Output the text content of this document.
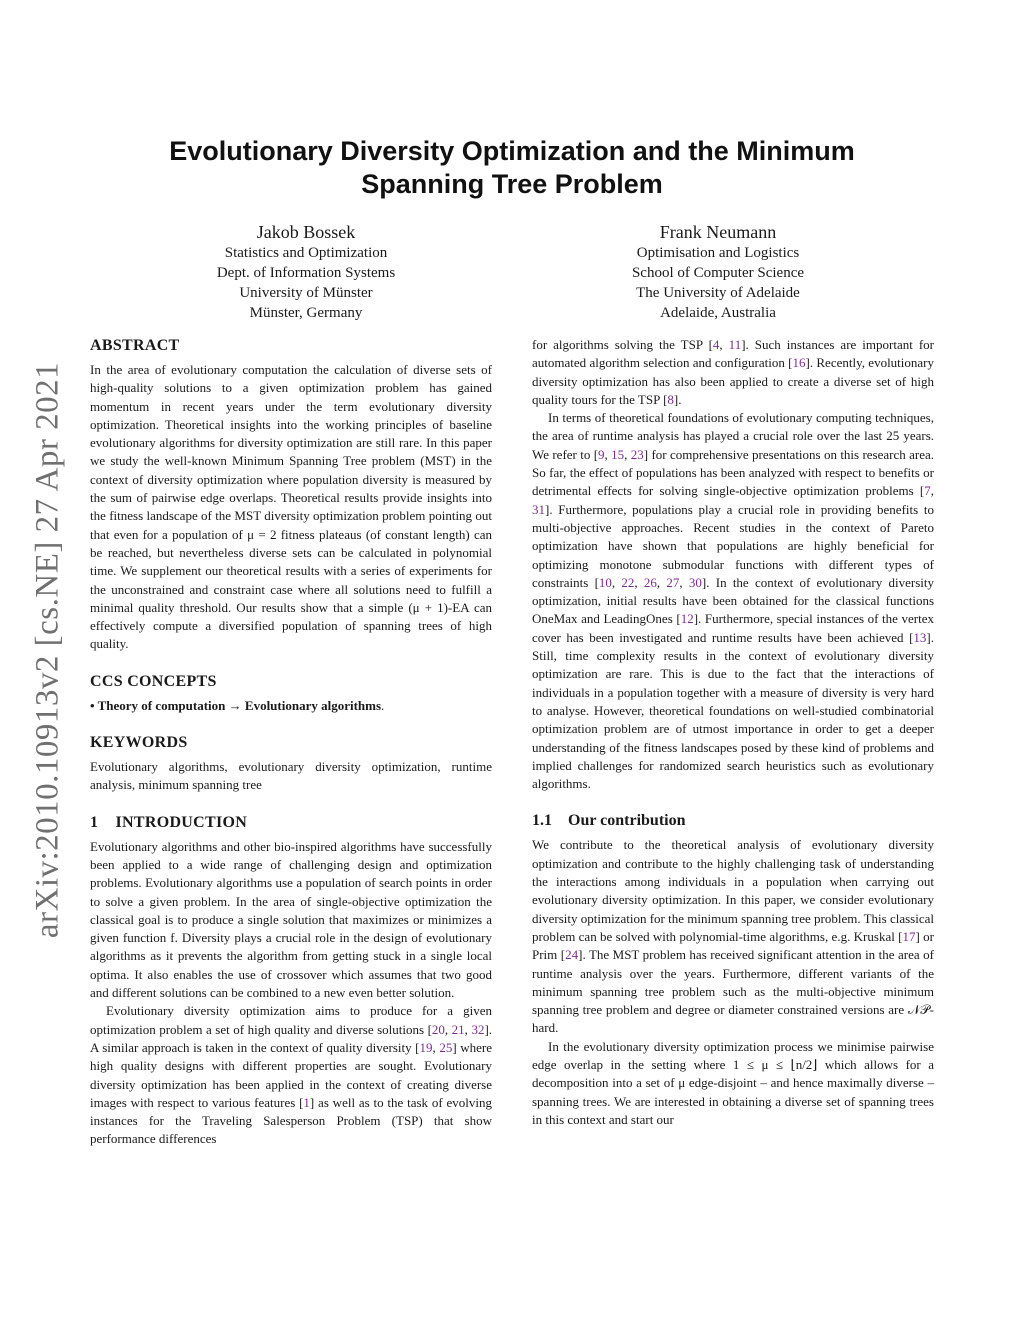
arXiv:2010.10913v2 [cs.NE] 27 Apr 2021
Evolutionary Diversity Optimization and the Minimum Spanning Tree Problem
Jakob Bossek
Statistics and Optimization
Dept. of Information Systems
University of Münster
Münster, Germany
Frank Neumann
Optimisation and Logistics
School of Computer Science
The University of Adelaide
Adelaide, Australia
ABSTRACT

In the area of evolutionary computation the calculation of diverse sets of high-quality solutions to a given optimization problem has gained momentum in recent years under the term evolutionary diversity optimization. Theoretical insights into the working principles of baseline evolutionary algorithms for diversity optimization are still rare. In this paper we study the well-known Minimum Spanning Tree problem (MST) in the context of diversity optimization where population diversity is measured by the sum of pairwise edge overlaps. Theoretical results provide insights into the fitness landscape of the MST diversity optimization problem pointing out that even for a population of μ = 2 fitness plateaus (of constant length) can be reached, but nevertheless diverse sets can be calculated in polynomial time. We supplement our theoretical results with a series of experiments for the unconstrained and constraint case where all solutions need to fulfill a minimal quality threshold. Our results show that a simple (μ + 1)-EA can effectively compute a diversified population of spanning trees of high quality.

CCS CONCEPTS

• Theory of computation → Evolutionary algorithms.

KEYWORDS

Evolutionary algorithms, evolutionary diversity optimization, runtime analysis, minimum spanning tree

1    INTRODUCTION

Evolutionary algorithms and other bio-inspired algorithms have successfully been applied to a wide range of challenging design and optimization problems. Evolutionary algorithms use a population of search points in order to solve a given problem. In the area of single-objective optimization the classical goal is to produce a single solution that maximizes or minimizes a given function f. Diversity plays a crucial role in the design of evolutionary algorithms as it prevents the algorithm from getting stuck in a single local optima. It also enables the use of crossover which assumes that two good and different solutions can be combined to a new even better solution.

Evolutionary diversity optimization aims to produce for a given optimization problem a set of high quality and diverse solutions [20, 21, 32]. A similar approach is taken in the context of quality diversity [19, 25] where high quality designs with different properties are sought. Evolutionary diversity optimization has been applied in the context of creating diverse images with respect to various features [1] as well as to the task of evolving instances for the Traveling Salesperson Problem (TSP) that show performance differences

for algorithms solving the TSP [4, 11]. Such instances are important for automated algorithm selection and configuration [16]. Recently, evolutionary diversity optimization has also been applied to create a diverse set of high quality tours for the TSP [8].

In terms of theoretical foundations of evolutionary computing techniques, the area of runtime analysis has played a crucial role over the last 25 years. We refer to [9, 15, 23] for comprehensive presentations on this research area. So far, the effect of populations has been analyzed with respect to benefits or detrimental effects for solving single-objective optimization problems [7, 31]. Furthermore, populations play a crucial role in providing benefits to multi-objective approaches. Recent studies in the context of Pareto optimization have shown that populations are highly beneficial for optimizing monotone submodular functions with different types of constraints [10, 22, 26, 27, 30]. In the context of evolutionary diversity optimization, initial results have been obtained for the classical functions OneMax and LeadingOnes [12]. Furthermore, special instances of the vertex cover has been investigated and runtime results have been achieved [13]. Still, time complexity results in the context of evolutionary diversity optimization are rare. This is due to the fact that the interactions of individuals in a population together with a measure of diversity is very hard to analyse. However, theoretical foundations on well-studied combinatorial optimization problem are of utmost importance in order to get a deeper understanding of the fitness landscapes posed by these kind of problems and implied challenges for randomized search heuristics such as evolutionary algorithms.

1.1    Our contribution

We contribute to the theoretical analysis of evolutionary diversity optimization and contribute to the highly challenging task of understanding the interactions among individuals in a population when carrying out evolutionary diversity optimization. In this paper, we consider evolutionary diversity optimization for the minimum spanning tree problem. This classical problem can be solved with polynomial-time algorithms, e.g. Kruskal [17] or Prim [24]. The MST problem has received significant attention in the area of runtime analysis over the years. Furthermore, different variants of the minimum spanning tree problem such as the multi-objective minimum spanning tree problem and degree or diameter constrained versions are 𝒩𝒫-hard.

In the evolutionary diversity optimization process we minimise pairwise edge overlap in the setting where 1 ≤ μ ≤ ⌊n/2⌋ which allows for a decomposition into a set of μ edge-disjoint – and hence maximally diverse – spanning trees. We are interested in obtaining a diverse set of spanning trees in this context and start our
